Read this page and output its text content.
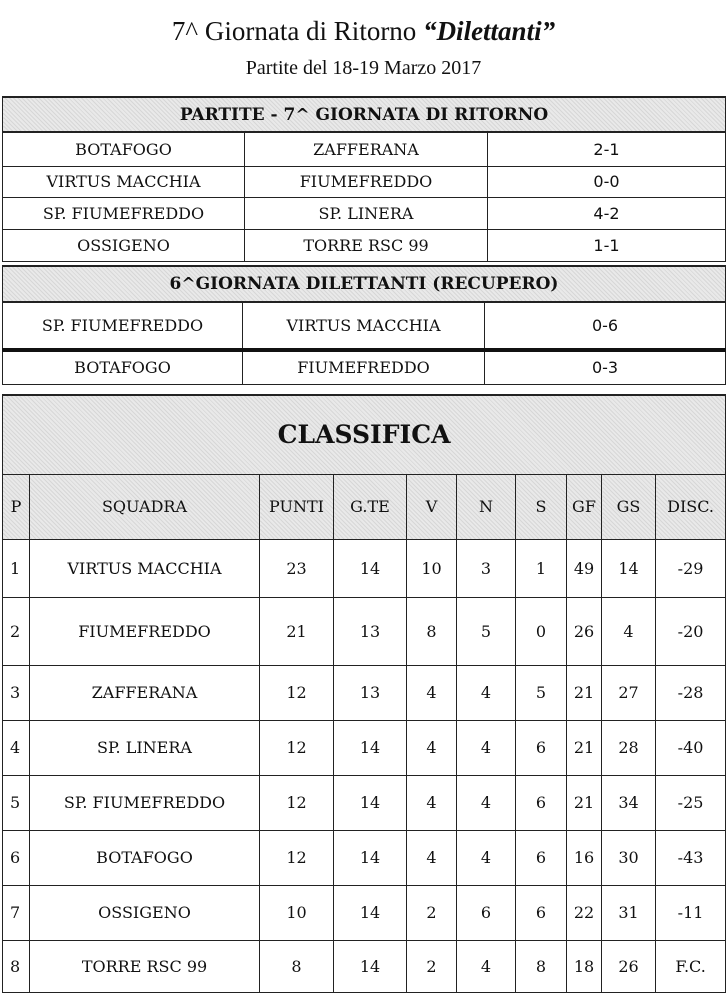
7^ Giornata di Ritorno “Dilettanti”
Partite del 18-19 Marzo 2017
PARTITE - 7^ GIORNATA DI RITORNO		
BOTAFOGO	ZAFFERANA	2-1
VIRTUS MACCHIA	FIUMEFREDDO	0-0
SP. FIUMEFREDDO	SP. LINERA	4-2
OSSIGENO	TORRE RSC 99	1-1
6^GIORNATA DILETTANTI (RECUPERO)		
SP. FIUMEFREDDO	VIRTUS MACCHIA	0-6
BOTAFOGO	FIUMEFREDDO	0-3
CLASSIFICA									
P	SQUADRA	PUNTI	G.TE	V	N	S	GF	GS	DISC.
1	VIRTUS MACCHIA	23	14	10	3	1	49	14	-29
2	FIUMEFREDDO	21	13	8	5	0	26	4	-20
3	ZAFFERANA	12	13	4	4	5	21	27	-28
4	SP. LINERA	12	14	4	4	6	21	28	-40
5	SP. FIUMEFREDDO	12	14	4	4	6	21	34	-25
6	BOTAFOGO	12	14	4	4	6	16	30	-43
7	OSSIGENO	10	14	2	6	6	22	31	-11
8	TORRE RSC 99	8	14	2	4	8	18	26	F.C.
